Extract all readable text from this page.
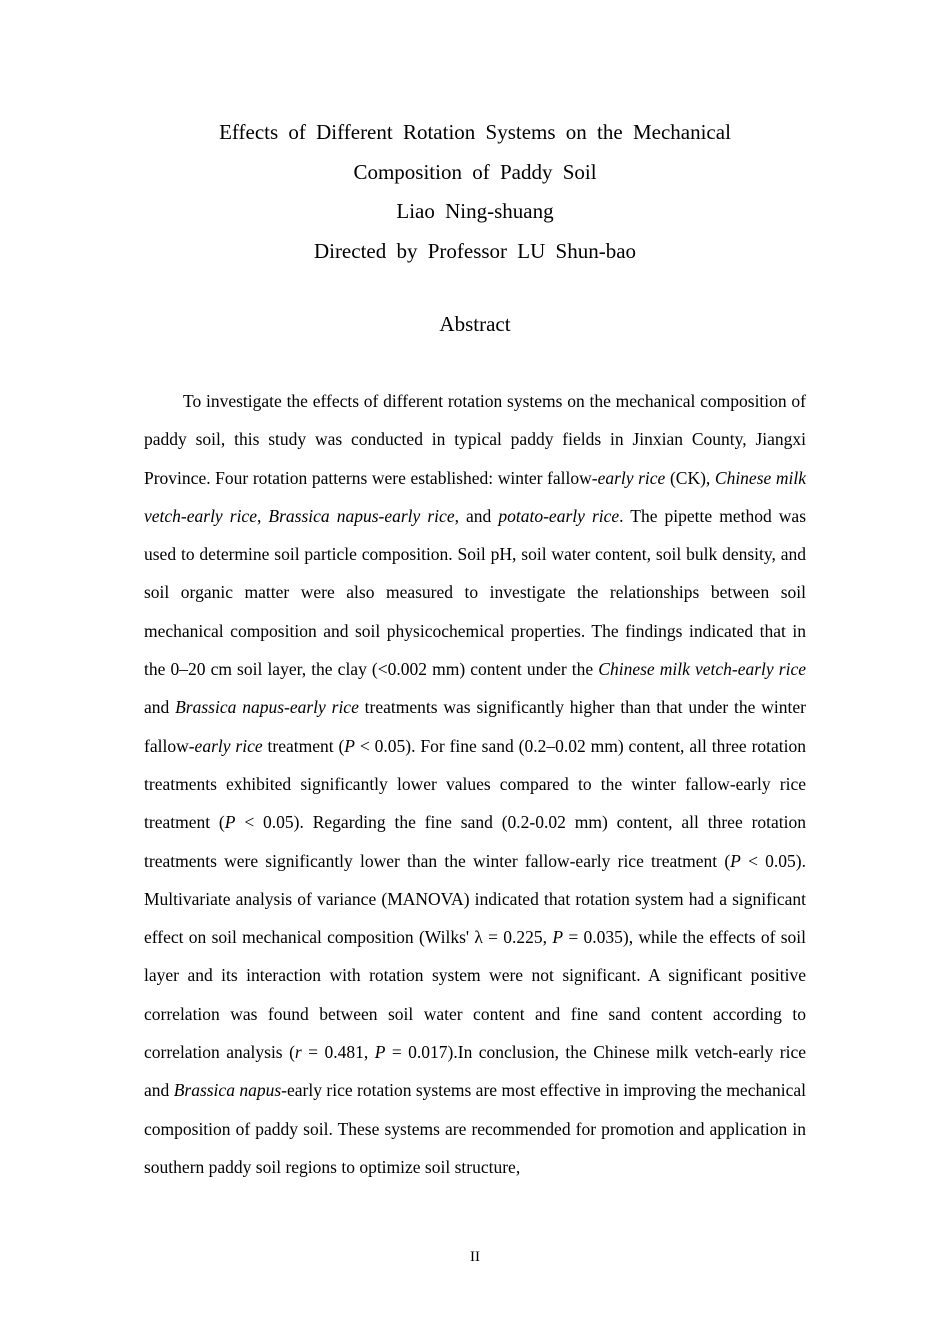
Effects of Different Rotation Systems on the Mechanical
Composition of Paddy Soil
Liao Ning-shuang
Directed by Professor LU Shun-bao
Abstract

To investigate the effects of different rotation systems on the mechanical composition of paddy soil, this study was conducted in typical paddy fields in Jinxian County, Jiangxi Province. Four rotation patterns were established: winter fallow-early rice (CK), Chinese milk vetch-early rice, Brassica napus-early rice, and potato-early rice. The pipette method was used to determine soil particle composition. Soil pH, soil water content, soil bulk density, and soil organic matter were also measured to investigate the relationships between soil mechanical composition and soil physicochemical properties. The findings indicated that in the 0–20 cm soil layer, the clay (<0.002 mm) content under the Chinese milk vetch-early rice and Brassica napus-early rice treatments was significantly higher than that under the winter fallow-early rice treatment (P < 0.05). For fine sand (0.2–0.02 mm) content, all three rotation treatments exhibited significantly lower values compared to the winter fallow-early rice treatment (P < 0.05). Regarding the fine sand (0.2-0.02 mm) content, all three rotation treatments were significantly lower than the winter fallow-early rice treatment (P < 0.05). Multivariate analysis of variance (MANOVA) indicated that rotation system had a significant effect on soil mechanical composition (Wilks' λ = 0.225, P = 0.035), while the effects of soil layer and its interaction with rotation system were not significant. A significant positive correlation was found between soil water content and fine sand content according to correlation analysis (r = 0.481, P = 0.017).In conclusion, the Chinese milk vetch-early rice and Brassica napus-early rice rotation systems are most effective in improving the mechanical composition of paddy soil. These systems are recommended for promotion and application in southern paddy soil regions to optimize soil structure,

II
